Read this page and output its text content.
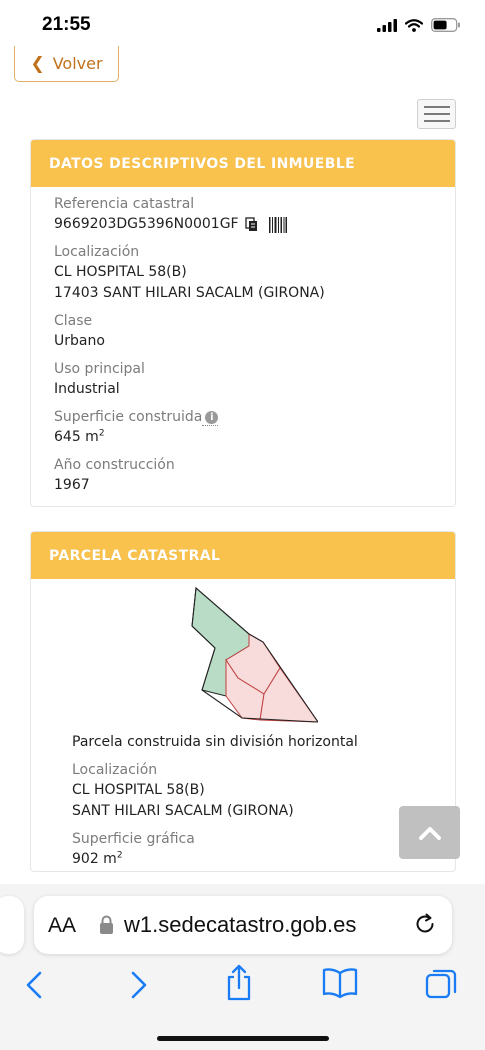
21:55
❮ Volver
DATOS DESCRIPTIVOS DEL INMUEBLE
Referencia catastral
9669203DG5396N0001GF
Localización
CL HOSPITAL 58(B)
17403 SANT HILARI SACALM (GIRONA)
Clase
Urbano
Uso principal
Industrial
Superficie construida i
645 $m^2$
Año construcción
1967
PARCELA CATASTRAL
Parcela construida sin división horizontal
Localización
CL HOSPITAL 58(B)
SANT HILARI SACALM (GIRONA)
Superficie gráfica
902 $m^2$
AA w1.sedecatastro.gob.es
